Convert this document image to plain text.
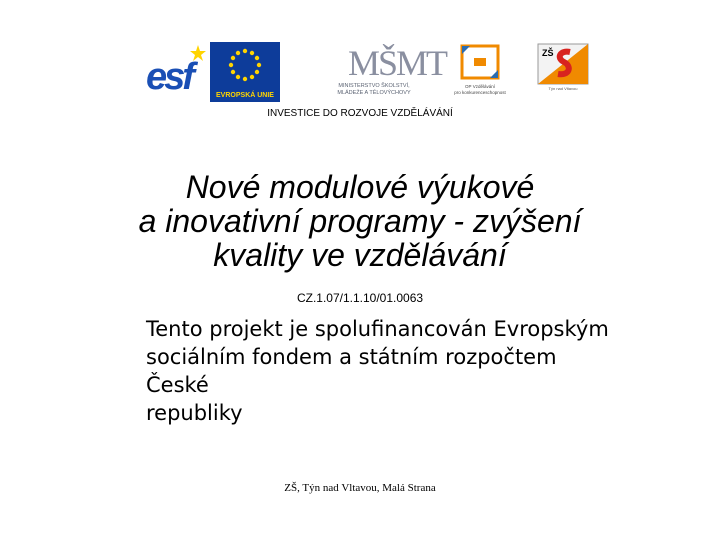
esf	EVROPSKÁ UNIE
MŠMT
MINISTERSTVO ŠKOLSTVÍ,
MLÁDEŽE A TĚLOVÝCHOVY
OP Vzdělávání
pro konkurenceschopnost
ZŠ
Týn nad Vltavou
INVESTICE DO ROZVOJE VZDĚLÁVÁNÍ
Nové modulové výukové
a inovativní programy - zvýšení
kvality ve vzdělávání
CZ.1.07/1.1.10/01.0063
Tento projekt je spolufinancován Evropským
sociálním fondem a státním rozpočtem České
republiky
ZŠ, Týn nad Vltavou, Malá Strana
